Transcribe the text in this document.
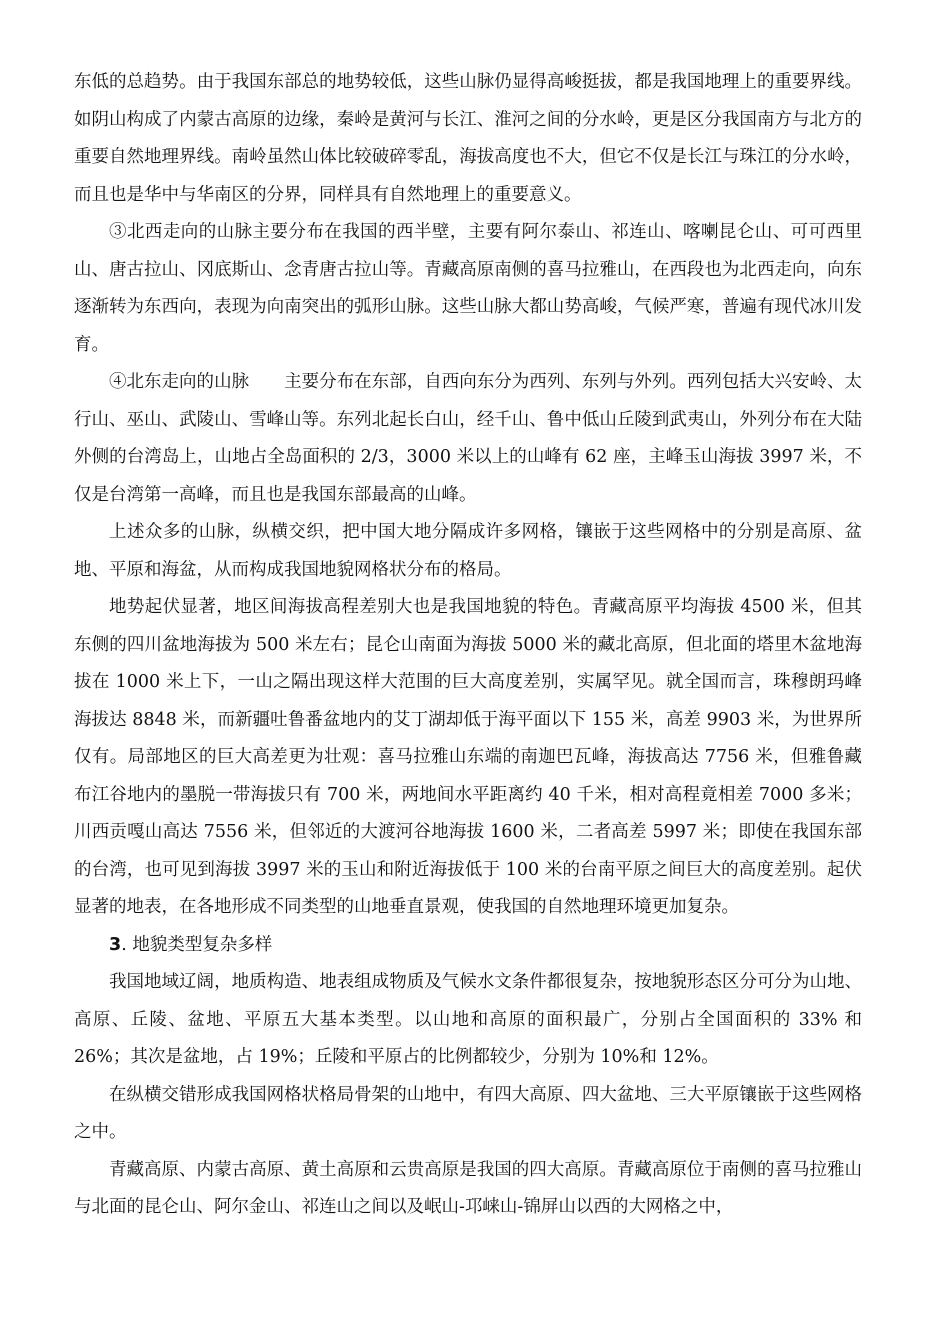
东低的总趋势。由于我国东部总的地势较低，这些山脉仍显得高峻挺拔，都是我国地理上的重要界线。如阴山构成了内蒙古高原的边缘，秦岭是黄河与长江、淮河之间的分水岭，更是区分我国南方与北方的重要自然地理界线。南岭虽然山体比较破碎零乱，海拔高度也不大，但它不仅是长江与珠江的分水岭，而且也是华中与华南区的分界，同样具有自然地理上的重要意义。

③北西走向的山脉主要分布在我国的西半壁，主要有阿尔泰山、祁连山、喀喇昆仑山、可可西里山、唐古拉山、冈底斯山、念青唐古拉山等。青藏高原南侧的喜马拉雅山，在西段也为北西走向，向东逐渐转为东西向，表现为向南突出的弧形山脉。这些山脉大都山势高峻，气候严寒，普遍有现代冰川发育。

④北东走向的山脉　　主要分布在东部，自西向东分为西列、东列与外列。西列包括大兴安岭、太行山、巫山、武陵山、雪峰山等。东列北起长白山，经千山、鲁中低山丘陵到武夷山，外列分布在大陆外侧的台湾岛上，山地占全岛面积的 2/3，3000 米以上的山峰有 62 座，主峰玉山海拔 3997 米，不仅是台湾第一高峰，而且也是我国东部最高的山峰。

上述众多的山脉，纵横交织，把中国大地分隔成许多网格，镶嵌于这些网格中的分别是高原、盆地、平原和海盆，从而构成我国地貌网格状分布的格局。

地势起伏显著，地区间海拔高程差别大也是我国地貌的特色。青藏高原平均海拔 4500 米，但其东侧的四川盆地海拔为 500 米左右；昆仑山南面为海拔 5000 米的藏北高原，但北面的塔里木盆地海拔在 1000 米上下，一山之隔出现这样大范围的巨大高度差别，实属罕见。就全国而言，珠穆朗玛峰海拔达 8848 米，而新疆吐鲁番盆地内的艾丁湖却低于海平面以下 155 米，高差 9903 米，为世界所仅有。局部地区的巨大高差更为壮观：喜马拉雅山东端的南迦巴瓦峰，海拔高达 7756 米，但雅鲁藏布江谷地内的墨脱一带海拔只有 700 米，两地间水平距离约 40 千米，相对高程竟相差 7000 多米；川西贡嘎山高达 7556 米，但邻近的大渡河谷地海拔 1600 米，二者高差 5997 米；即使在我国东部的台湾，也可见到海拔 3997 米的玉山和附近海拔低于 100 米的台南平原之间巨大的高度差别。起伏显著的地表，在各地形成不同类型的山地垂直景观，使我国的自然地理环境更加复杂。

3. 地貌类型复杂多样

我国地域辽阔，地质构造、地表组成物质及气候水文条件都很复杂，按地貌形态区分可分为山地、高原、丘陵、盆地、平原五大基本类型。以山地和高原的面积最广，分别占全国面积的 33% 和 26%；其次是盆地，占 19%；丘陵和平原占的比例都较少，分别为 10%和 12%。

在纵横交错形成我国网格状格局骨架的山地中，有四大高原、四大盆地、三大平原镶嵌于这些网格之中。

青藏高原、内蒙古高原、黄土高原和云贵高原是我国的四大高原。青藏高原位于南侧的喜马拉雅山与北面的昆仑山、阿尔金山、祁连山之间以及岷山-邛崃山-锦屏山以西的大网格之中，
